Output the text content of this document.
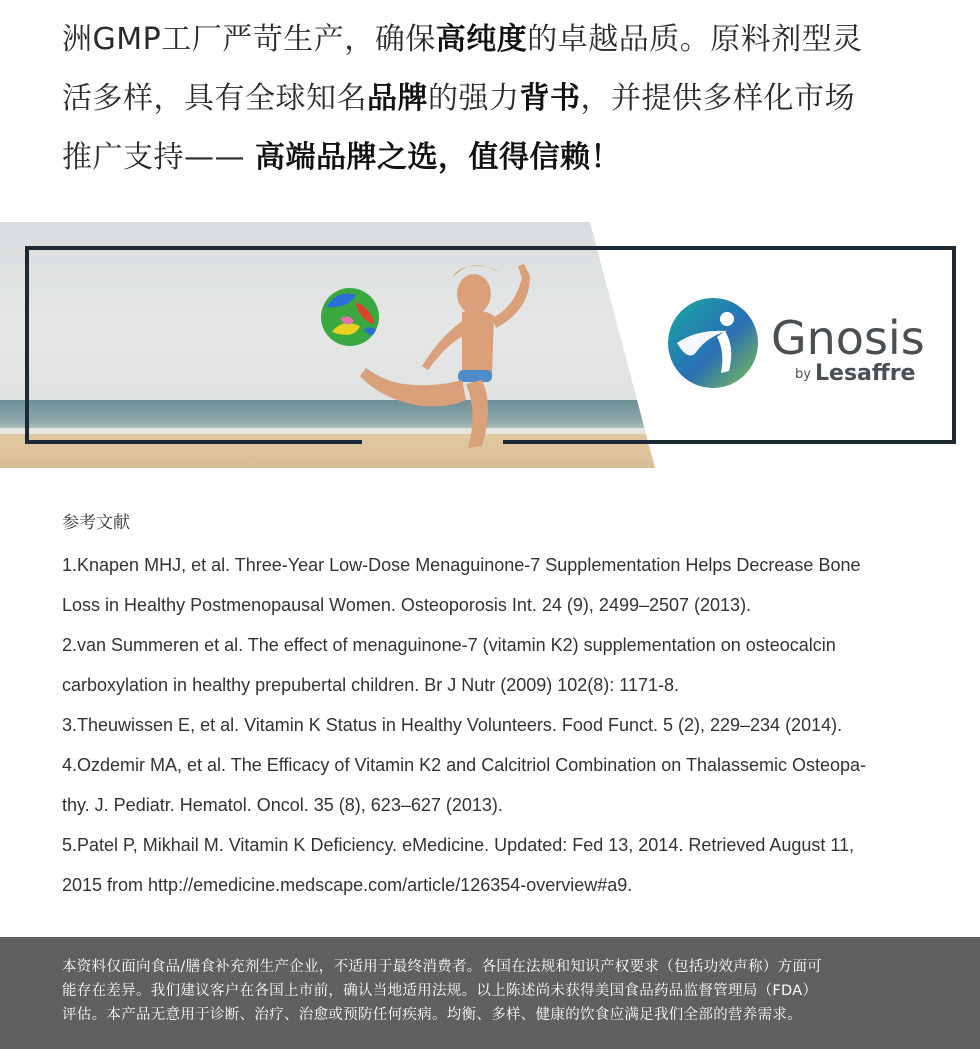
洲GMP工厂严苛生产，确保高纯度的卓越品质。原料剂型灵
活多样，具有全球知名品牌的强力背书，并提供多样化市场
推广支持—— 高端品牌之选，值得信赖！
Gnosis
by Lesaffre
参考文献
1.Knapen MHJ, et al. Three-Year Low-Dose Menaguinone-7 Supplementation Helps Decrease Bone
Loss in Healthy Postmenopausal Women. Osteoporosis Int. 24 (9), 2499–2507 (2013).
2.van Summeren et al. The effect of menaguinone-7 (vitamin K2) supplementation on osteocalcin
carboxylation in healthy prepubertal children. Br J Nutr (2009) 102(8): 1171-8.
3.Theuwissen E, et al. Vitamin K Status in Healthy Volunteers. Food Funct. 5 (2), 229–234 (2014).
4.Ozdemir MA, et al. The Efficacy of Vitamin K2 and Calcitriol Combination on Thalassemic Osteopa-
thy. J. Pediatr. Hematol. Oncol. 35 (8), 623–627 (2013).
5.Patel P, Mikhail M. Vitamin K Deficiency. eMedicine. Updated: Fed 13, 2014. Retrieved August 11,
2015 from http://emedicine.medscape.com/article/126354-overview#a9.
本资料仅面向食品/膳食补充剂生产企业，不适用于最终消费者。各国在法规和知识产权要求（包括功效声称）方面可
能存在差异。我们建议客户在各国上市前，确认当地适用法规。以上陈述尚未获得美国食品药品监督管理局（FDA）
评估。本产品无意用于诊断、治疗、治愈或预防任何疾病。均衡、多样、健康的饮食应满足我们全部的营养需求。
